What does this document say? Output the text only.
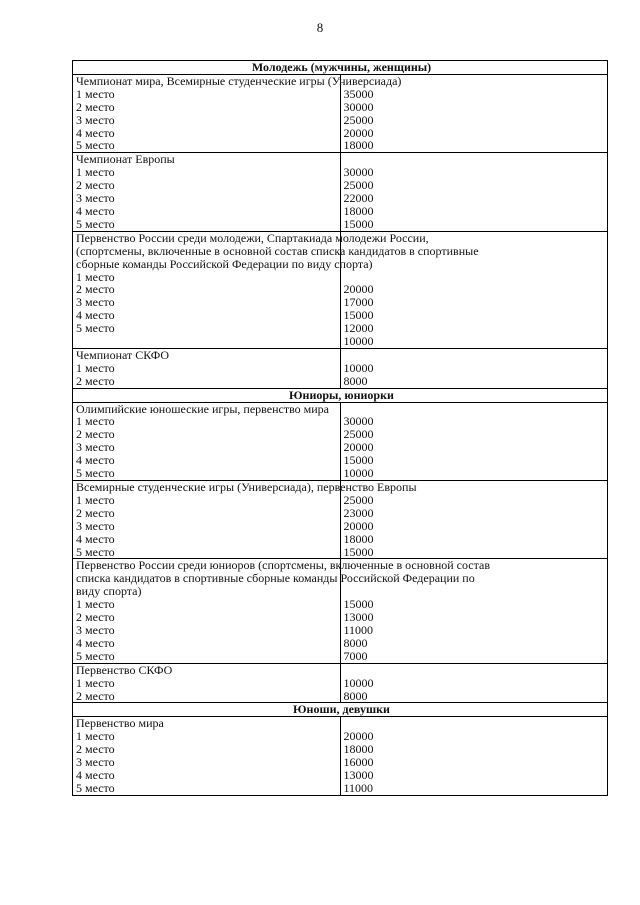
8
Молодежь (мужчины, женщины)	
Чемпионат мира, Всемирные студенческие игры (Универсиада)	
1 место	35000
2 место	30000
3 место	25000
4 место	20000
5 место	18000
Чемпионат Европы	
1 место	30000
2 место	25000
3 место	22000
4 место	18000
5 место	15000

Первенство России среди молодежи, Спартакиада молодежи России,
(спортсмены, включенные в основной состав списка кандидатов в спортивные
сборные команды Российской Федерации по виду спорта)	

1 место	
2 место	20000
3 место	17000
4 место	15000
5 место	12000
	10000
Чемпионат СКФО	
1 место	10000
2 место	8000
Юниоры, юниорки	
Олимпийские юношеские игры, первенство мира	
1 место	30000
2 место	25000
3 место	20000
4 место	15000
5 место	10000
Всемирные студенческие игры (Универсиада), первенство Европы	
1 место	25000
2 место	23000
3 место	20000
4 место	18000
5 место	15000

Первенство России среди юниоров (спортсмены, включенные в основной состав
списка кандидатов в спортивные сборные команды Российской Федерации по
виду спорта)	

1 место	15000
2 место	13000
3 место	11000
4 место	8000
5 место	7000
Первенство СКФО	
1 место	10000
2 место	8000
Юноши, девушки	
Первенство мира	
1 место	20000
2 место	18000
3 место	16000
4 место	13000
5 место	11000
